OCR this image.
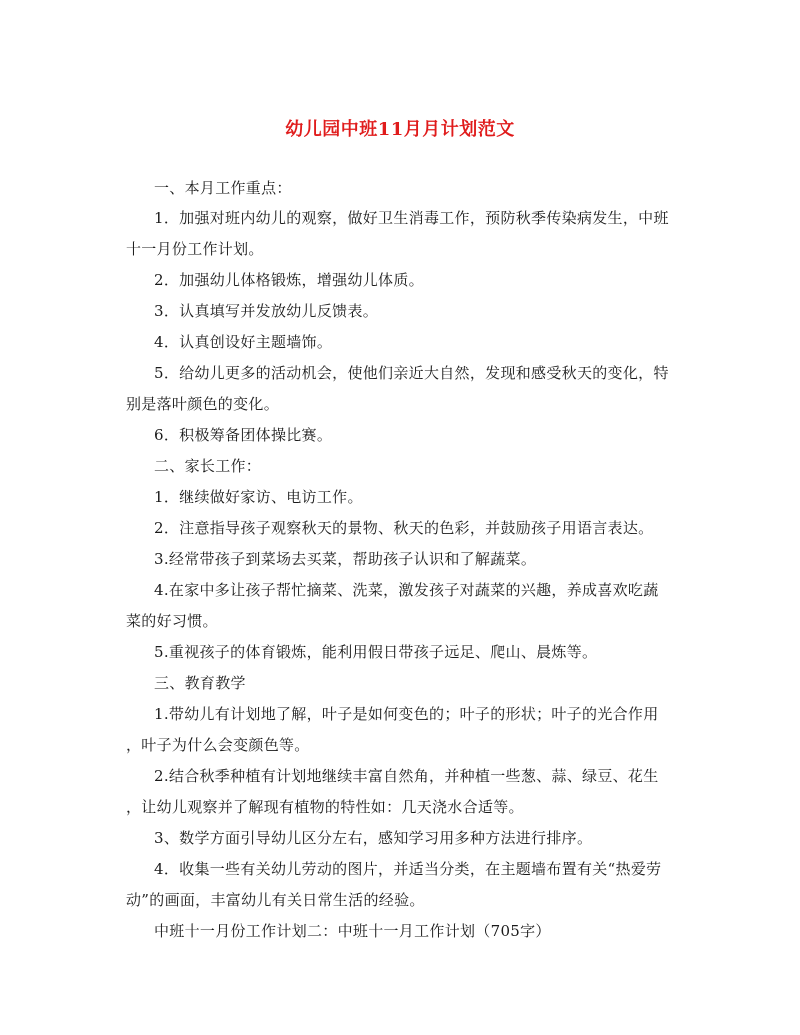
幼儿园中班11月月计划范文
一、本月工作重点：
1．加强对班内幼儿的观察，做好卫生消毒工作，预防秋季传染病发生，中班
十一月份工作计划。
2．加强幼儿体格锻炼，增强幼儿体质。
3．认真填写并发放幼儿反馈表。
4．认真创设好主题墙饰。
5．给幼儿更多的活动机会，使他们亲近大自然，发现和感受秋天的变化，特
别是落叶颜色的变化。
6．积极筹备团体操比赛。
二、家长工作：
1．继续做好家访、电访工作。
2．注意指导孩子观察秋天的景物、秋天的色彩，并鼓励孩子用语言表达。
3.经常带孩子到菜场去买菜，帮助孩子认识和了解蔬菜。
4.在家中多让孩子帮忙摘菜、洗菜，激发孩子对蔬菜的兴趣，养成喜欢吃蔬
菜的好习惯。
5.重视孩子的体育锻炼，能利用假日带孩子远足、爬山、晨炼等。
三、教育教学
1.带幼儿有计划地了解，叶子是如何变色的；叶子的形状；叶子的光合作用
，叶子为什么会变颜色等。
2.结合秋季种植有计划地继续丰富自然角，并种植一些葱、蒜、绿豆、花生
，让幼儿观察并了解现有植物的特性如：几天浇水合适等。
3、数学方面引导幼儿区分左右，感知学习用多种方法进行排序。
4．收集一些有关幼儿劳动的图片，并适当分类，在主题墙布置有关“热爱劳
动”的画面，丰富幼儿有关日常生活的经验。
中班十一月份工作计划二：中班十一月工作计划（705字）
